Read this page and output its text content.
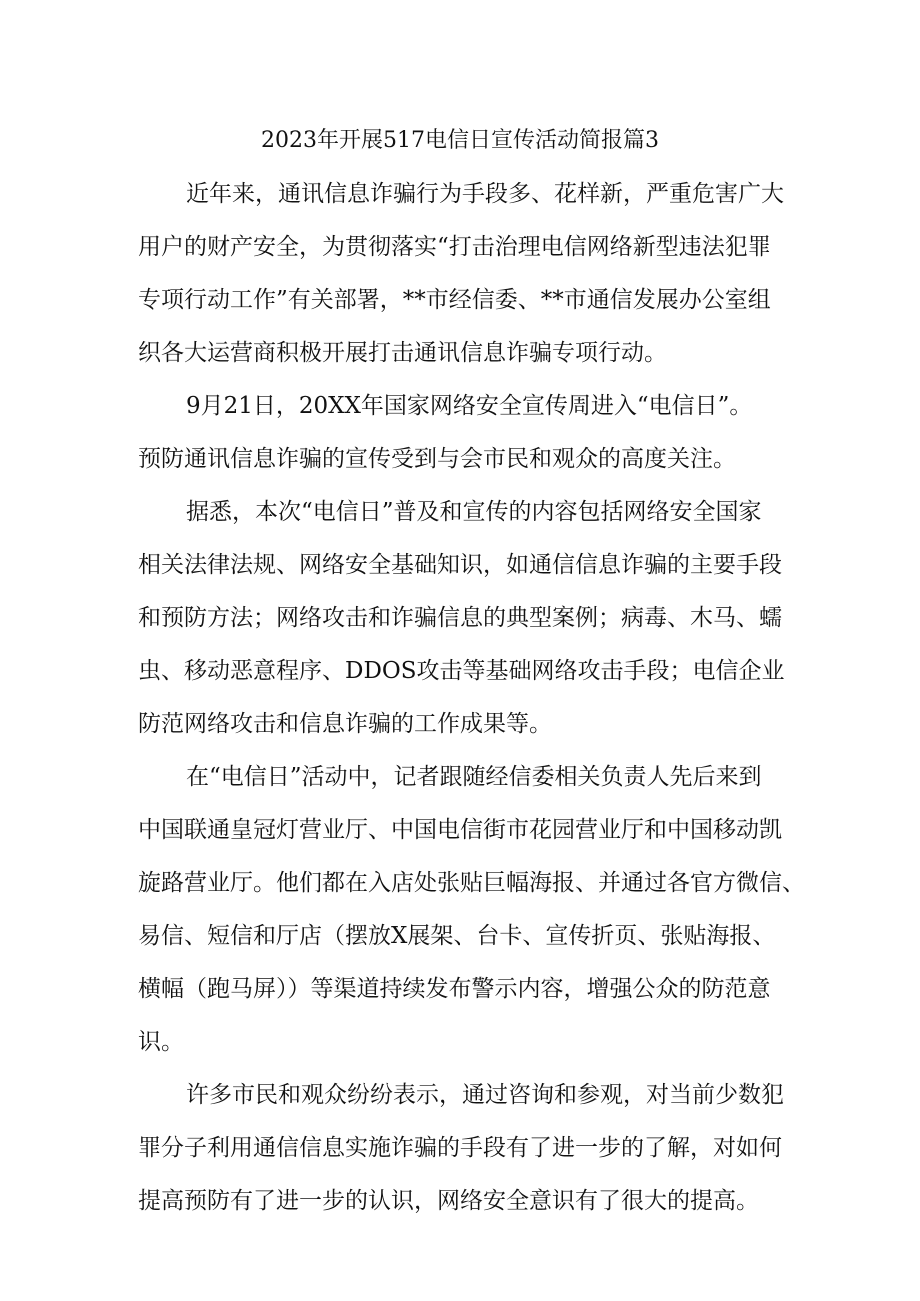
2023年开展517电信日宣传活动简报篇3
近年来，通讯信息诈骗行为手段多、花样新，严重危害广大
用户的财产安全，为贯彻落实“打击治理电信网络新型违法犯罪
专项行动工作”有关部署，**市经信委、**市通信发展办公室组
织各大运营商积极开展打击通讯信息诈骗专项行动。
9月21日，20XX年国家网络安全宣传周进入“电信日”。
预防通讯信息诈骗的宣传受到与会市民和观众的高度关注。
据悉，本次“电信日”普及和宣传的内容包括网络安全国家
相关法律法规、网络安全基础知识，如通信信息诈骗的主要手段
和预防方法；网络攻击和诈骗信息的典型案例；病毒、木马、蠕
虫、移动恶意程序、DDOS攻击等基础网络攻击手段；电信企业
防范网络攻击和信息诈骗的工作成果等。
在“电信日”活动中，记者跟随经信委相关负责人先后来到
中国联通皇冠灯营业厅、中国电信街市花园营业厅和中国移动凯
旋路营业厅。他们都在入店处张贴巨幅海报、并通过各官方微信、
易信、短信和厅店（摆放X展架、台卡、宣传折页、张贴海报、
横幅（跑马屏））等渠道持续发布警示内容，增强公众的防范意
识。
许多市民和观众纷纷表示，通过咨询和参观，对当前少数犯
罪分子利用通信信息实施诈骗的手段有了进一步的了解，对如何
提高预防有了进一步的认识，网络安全意识有了很大的提高。
